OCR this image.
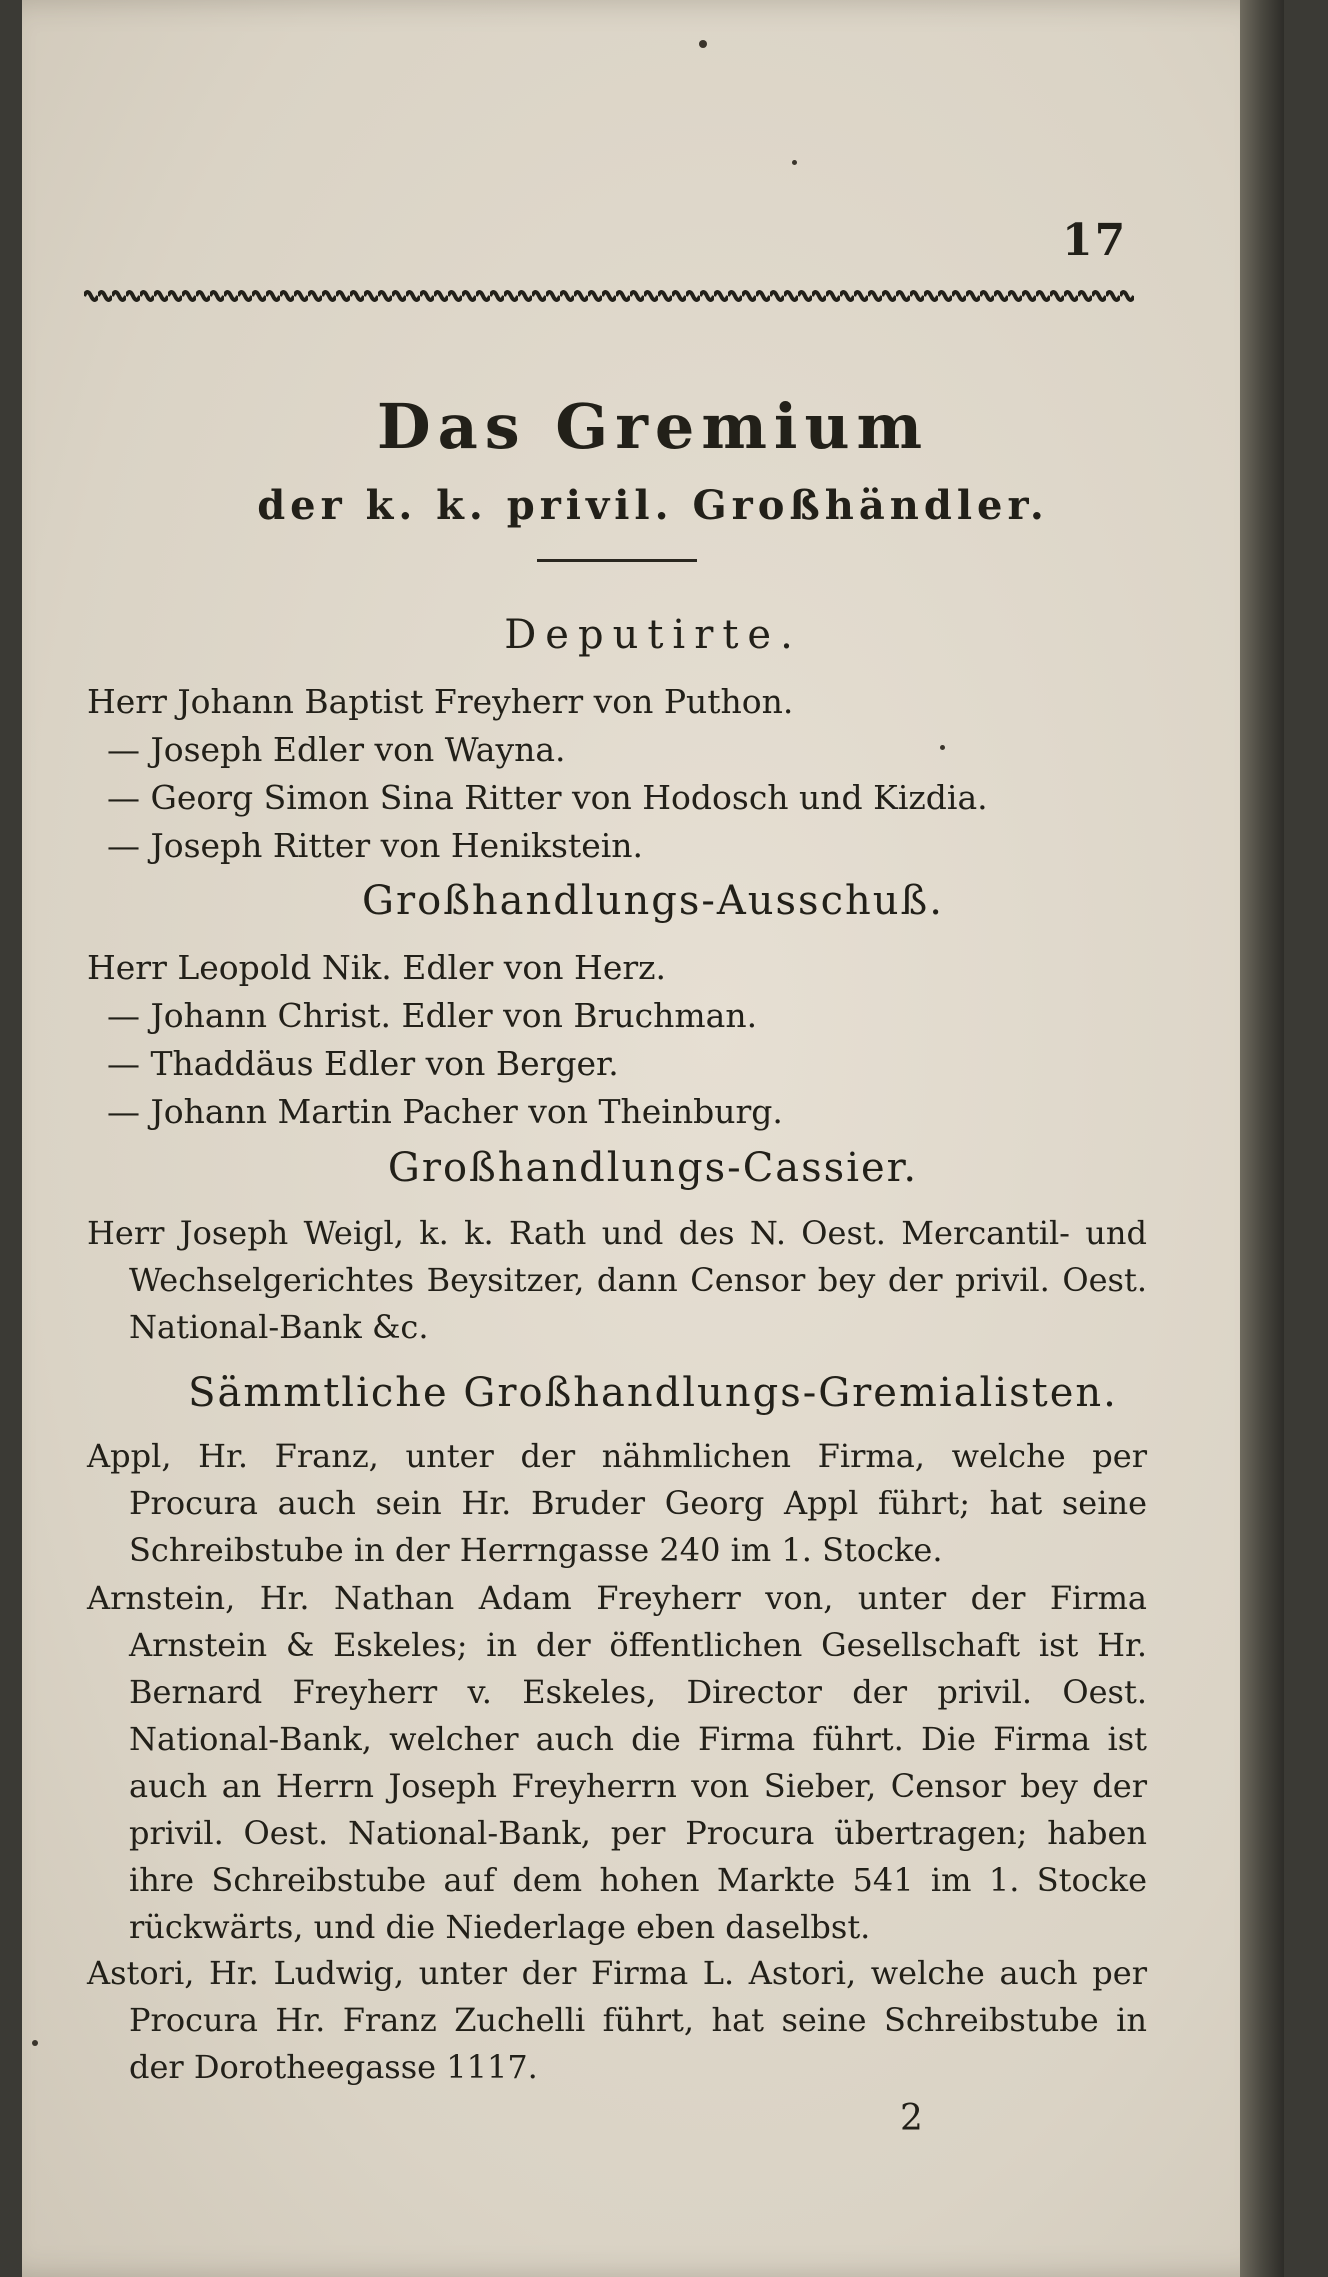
17
Das Gremium
der k. k. privil. Großhändler.
Deputirte.
Herr Johann Baptist Freyherr von Puthon.
— Joseph Edler von Wayna.
— Georg Simon Sina Ritter von Hodosch und Kizdia.
— Joseph Ritter von Henikstein.
Großhandlungs-Ausschuß.
Herr Leopold Nik. Edler von Herz.
— Johann Christ. Edler von Bruchman.
— Thaddäus Edler von Berger.
— Johann Martin Pacher von Theinburg.
Großhandlungs-Cassier.
Herr Joseph Weigl, k. k. Rath und des N. Oest. Mercantil- und Wechselgerichtes Beysitzer, dann Censor bey der privil. Oest. National-Bank &c.
Sämmtliche Großhandlungs-Gremialisten.
Appl, Hr. Franz, unter der nähmlichen Firma, welche per Procura auch sein Hr. Bruder Georg Appl führt; hat seine Schreibstube in der Herrngasse 240 im 1. Stocke.
Arnstein, Hr. Nathan Adam Freyherr von, unter der Firma Arnstein & Eskeles; in der öffentlichen Gesellschaft ist Hr. Bernard Freyherr v. Eskeles, Director der privil. Oest. National-Bank, welcher auch die Firma führt. Die Firma ist auch an Herrn Joseph Freyherrn von Sieber, Censor bey der privil. Oest. National-Bank, per Procura übertragen; haben ihre Schreibstube auf dem hohen Markte 541 im 1. Stocke rückwärts, und die Niederlage eben daselbst.
Astori, Hr. Ludwig, unter der Firma L. Astori, welche auch per Procura Hr. Franz Zuchelli führt, hat seine Schreibstube in der Dorotheegasse 1117.
2
